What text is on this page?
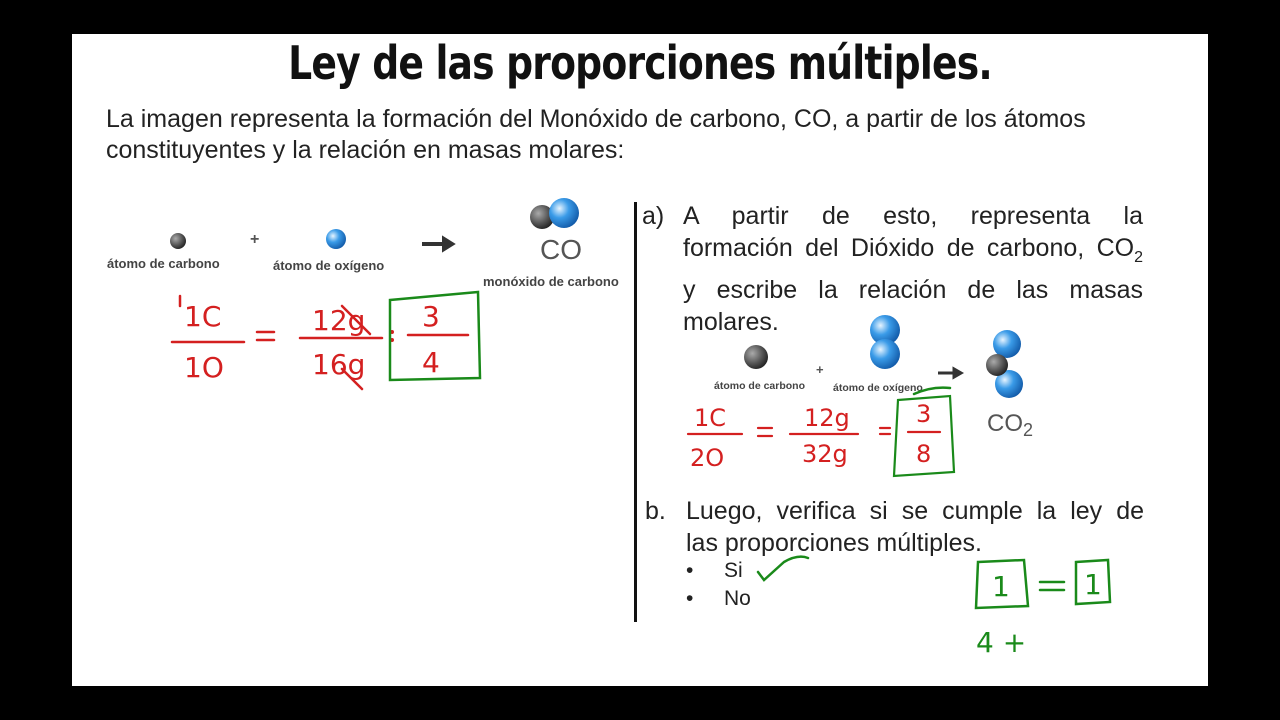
Ley de las proporciones múltiples.
La imagen representa la formación del Monóxido de carbono, CO, a partir de los átomos constituyentes y la relación en masas molares:
átomo de carbono
+
átomo de oxígeno
CO
monóxido de carbono
a) A partir de esto, representa la
formación del Dióxido de carbono, $CO_2$
y escribe la relación de las masas
molares.
átomo de carbono
+
átomo de oxígeno
$CO_2$
b. Luego, verifica si se cumple la ley de
las proporciones múltiples.
• Si
• No
1C
1O
12g
16g
3
4
1C
2O
12g
32g
3
8
1	1
4 +
